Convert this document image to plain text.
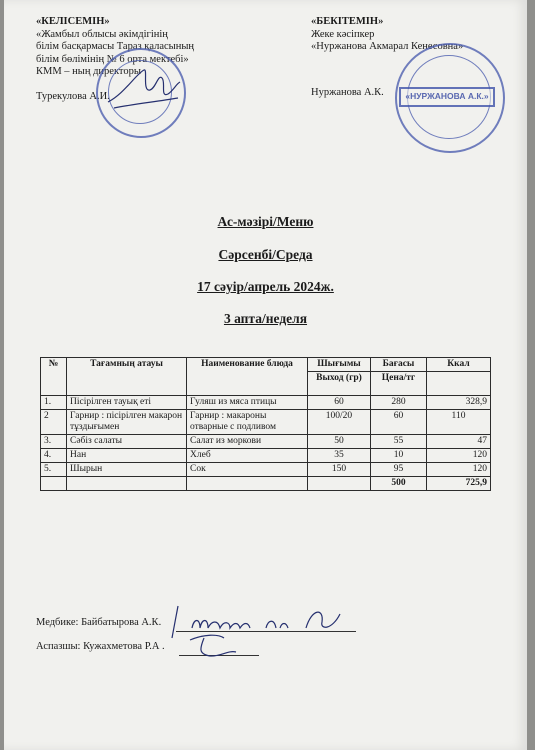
«КЕЛІСЕМІН»
«Жамбыл облысы әкімдігінің
білім басқармасы Тараз қаласының
білім бөлімінің № 6 орта мектебі»
КММ – ның директоры
Турекулова А.И.
«БЕКІТЕМІН»
Жеке кәсіпкер
«Нуржанова Акмарал Кенесовна»
Нуржанова А.К.	«НУРЖАНОВА А.К.»
Ас-мәзірі/Меню
Сәрсенбі/Среда
17 сәуір/апрель 2024ж.
3 апта/неделя
№	Тағамның атауы	Наименование блюда	Шығымы	Бағасы	Ккал
			Выход (гр)	Цена/тг	
1.	Пісірілген тауық еті	Гуляш из мяса птицы	60	280	328,9
2	Гарнир : пісірілген макарон тұздығымен	Гарнир : макароны отварные с подливом	100/20	60	110
3.	Сәбіз салаты	Салат из моркови	50	55	47
4.	Нан	Хлеб	35	10	120
5.	Шырын	Сок	150	95	120
				500	725,9
Медбике: Байбатырова А.К.
Аспазшы: Кужахметова Р.А .
